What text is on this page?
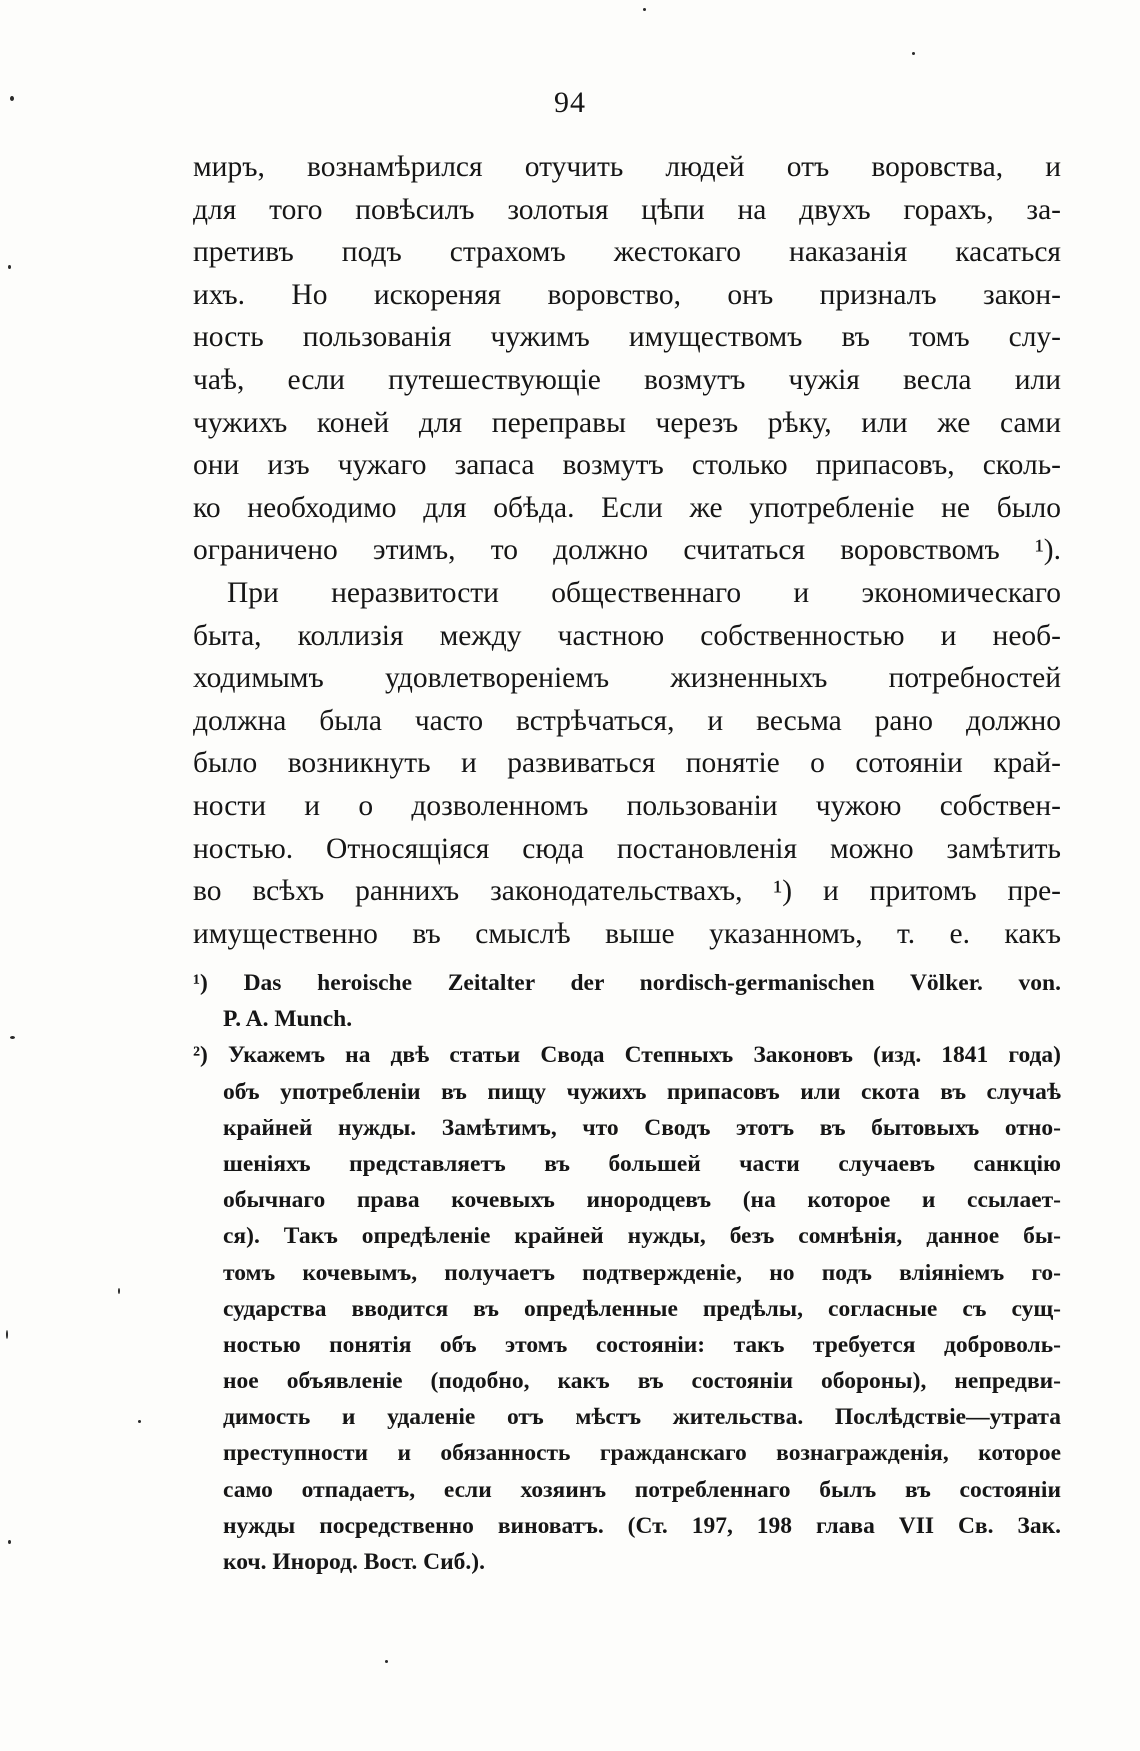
94
миръ, вознамѣрился отучить людей отъ воровства, и
для того повѣсилъ золотыя цѣпи на двухъ горахъ, за-
претивъ подъ страхомъ жестокаго наказанія касаться
ихъ. Но искореняя воровство, онъ призналъ закон-
ность пользованія чужимъ имуществомъ въ томъ слу-
чаѣ, если путешествующіе возмутъ чужія весла или
чужихъ коней для переправы черезъ рѣку, или же сами
они изъ чужаго запаса возмутъ столько припасовъ, сколь-
ко необходимо для обѣда. Если же употребленіе не было
ограничено этимъ, то должно считаться воровствомъ ¹).
При неразвитости общественнаго и экономическаго
быта, коллизія между частною собственностью и необ-
ходимымъ удовлетвореніемъ жизненныхъ потребностей
должна была часто встрѣчаться, и весьма рано должно
было возникнуть и развиваться понятіе о сотояніи край-
ности и о дозволенномъ пользованіи чужою собствен-
ностью. Относящіяся сюда постановленія можно замѣтить
во всѣхъ раннихъ законодательствахъ, ¹) и притомъ пре-
имущественно въ смыслѣ выше указанномъ, т. е. какъ
¹) Das heroische Zeitalter der nordisch-germanischen Völker. von.
P. A. Munch.
²) Укажемъ на двѣ статьи Свода Степныхъ Законовъ (изд. 1841 года)
объ употребленіи въ пищу чужихъ припасовъ или скота въ случаѣ
крайней нужды. Замѣтимъ, что Сводъ этотъ въ бытовыхъ отно-
шеніяхъ представляетъ въ большей части случаевъ санкцію
обычнаго права кочевыхъ инородцевъ (на которое и ссылает-
ся). Такъ опредѣленіе крайней нужды, безъ сомнѣнія, данное бы-
томъ кочевымъ, получаетъ подтвержденіе, но подъ вліяніемъ го-
сударства вводится въ опредѣленные предѣлы, согласные съ сущ-
ностью понятія объ этомъ состояніи: такъ требуется доброволь-
ное объявленіе (подобно, какъ въ состояніи обороны), непредви-
димость и удаленіе отъ мѣстъ жительства. Послѣдствіе—утрата
преступности и обязанность гражданскаго вознагражденія, которое
само отпадаетъ, если хозяинъ потребленнаго былъ въ состояніи
нужды посредственно виноватъ. (Ст. 197, 198 глава VII Св. Зак.
коч. Инород. Вост. Сиб.).
